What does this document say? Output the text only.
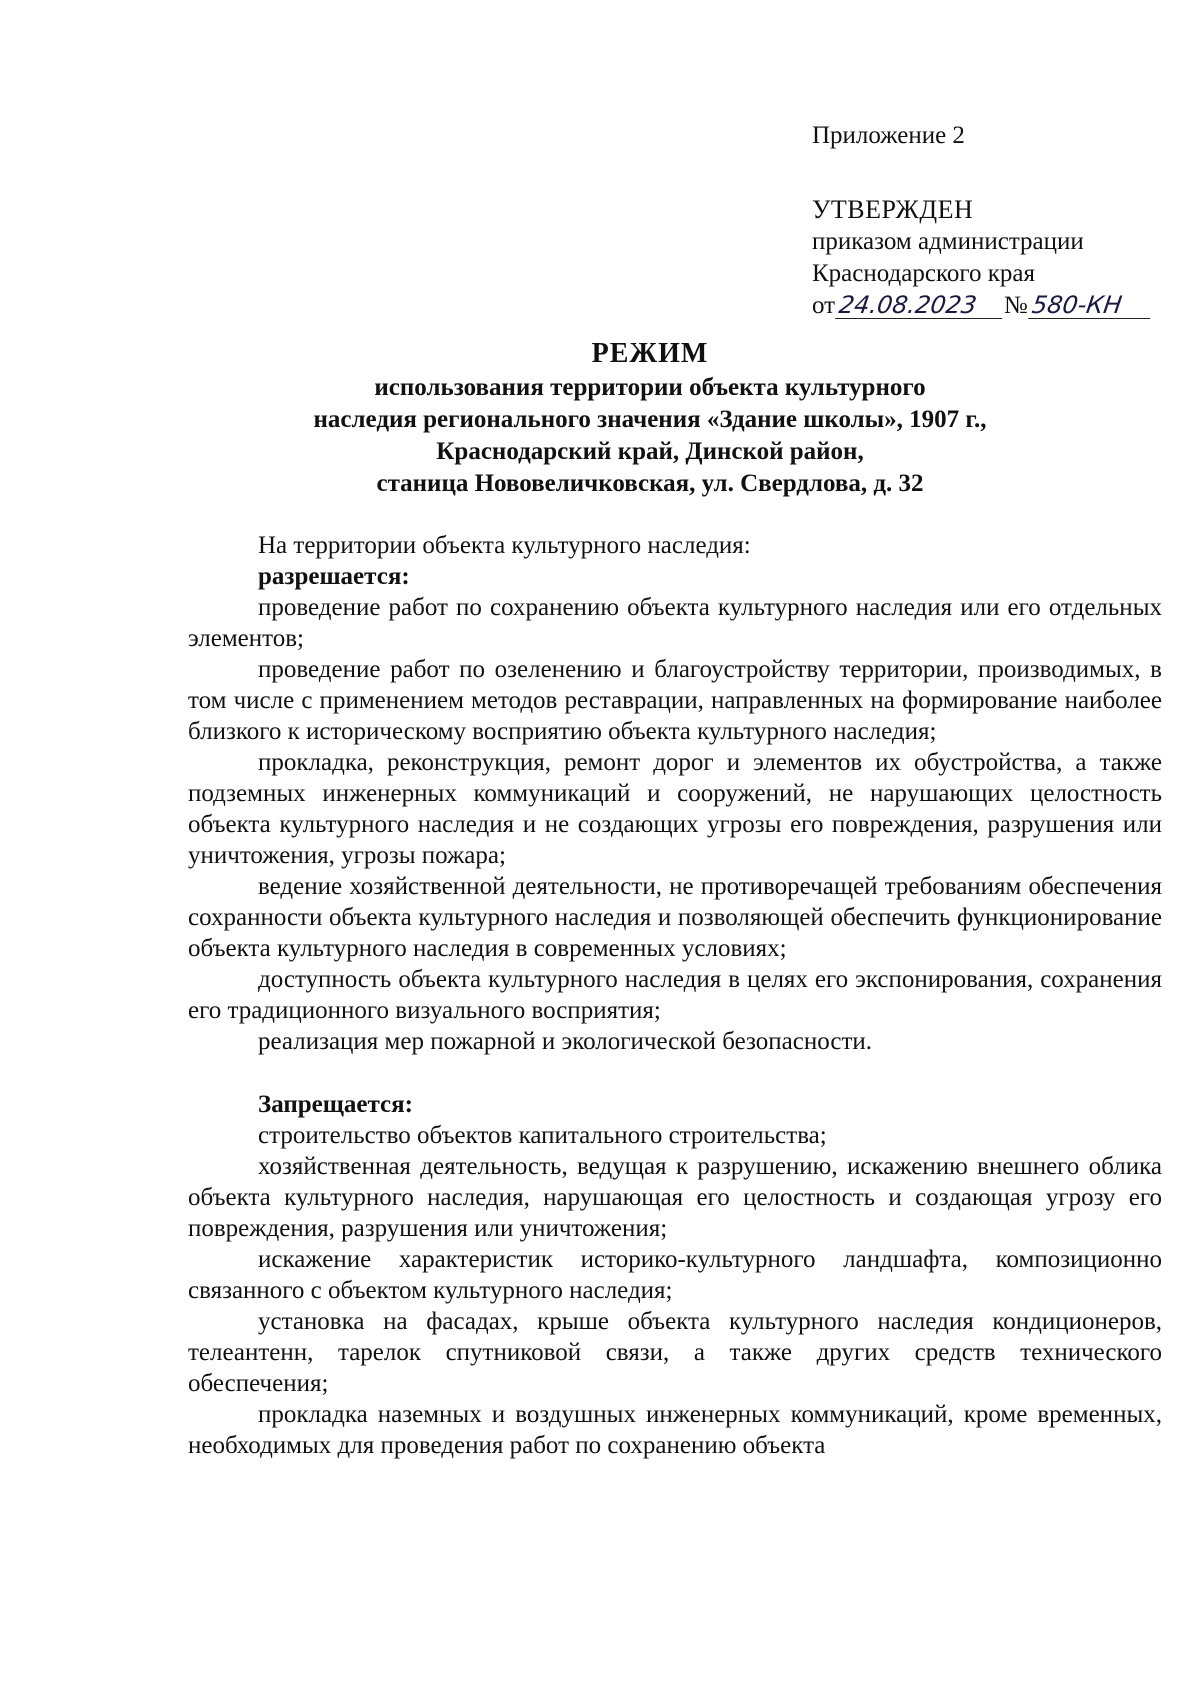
Приложение 2
УТВЕРЖДЕН
приказом администрации
Краснодарского края
от 24.08.2023	№ 580-КН
РЕЖИМ
использования территории объекта культурного
наследия регионального значения «Здание школы», 1907 г.,
Краснодарский край, Динской район,
станица Нововеличковская, ул. Свердлова, д. 32

На территории объекта культурного наследия:

разрешается:

проведение работ по сохранению объекта культурного наследия или его отдельных элементов;

проведение работ по озеленению и благоустройству территории, производимых, в том числе с применением методов реставрации, направленных на формирование наиболее близкого к историческому восприятию объекта культурного наследия;

прокладка, реконструкция, ремонт дорог и элементов их обустройства, а также подземных инженерных коммуникаций и сооружений, не нарушающих целостность объекта культурного наследия и не создающих угрозы его повреждения, разрушения или уничтожения, угрозы пожара;

ведение хозяйственной деятельности, не противоречащей требованиям обеспечения сохранности объекта культурного наследия и позволяющей обеспечить функционирование объекта культурного наследия в современных условиях;

доступность объекта культурного наследия в целях его экспонирования, сохранения его традиционного визуального восприятия;

реализация мер пожарной и экологической безопасности.

Запрещается:

строительство объектов капитального строительства;

хозяйственная деятельность, ведущая к разрушению, искажению внешнего облика объекта культурного наследия, нарушающая его целостность и создающая угрозу его повреждения, разрушения или уничтожения;

искажение характеристик историко-культурного ландшафта, композиционно связанного с объектом культурного наследия;

установка на фасадах, крыше объекта культурного наследия кондиционеров, телеантенн, тарелок спутниковой связи, а также других средств технического обеспечения;

прокладка наземных и воздушных инженерных коммуникаций, кроме временных, необходимых для проведения работ по сохранению объекта
